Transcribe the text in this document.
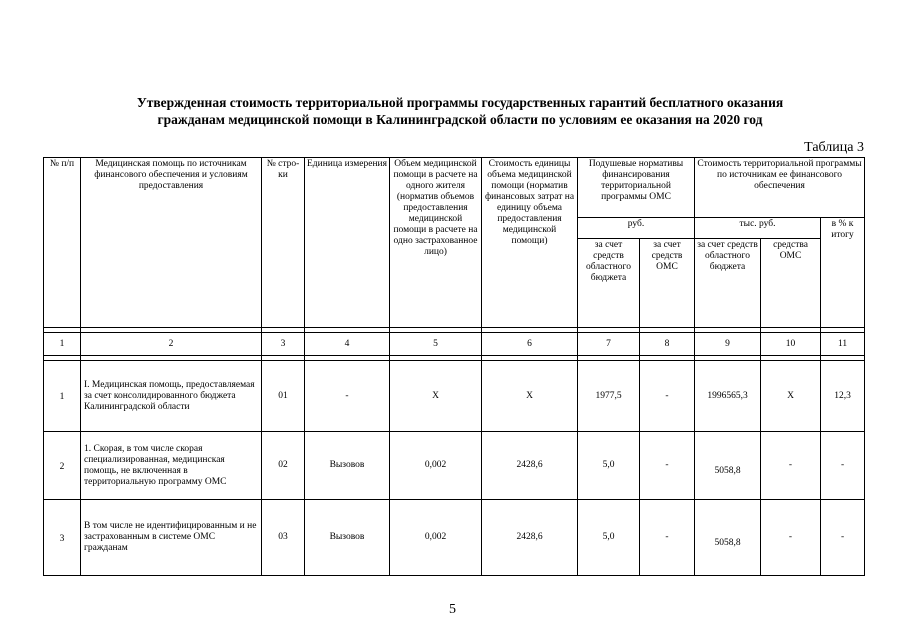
Утвержденная стоимость территориальной программы государственных гарантий бесплатного оказания
гражданам медицинской помощи в Калининградской области по условиям ее оказания на 2020 год
Таблица 3
№ п/п	Медицинская помощь по источникам финансового обеспечения и условиям предоставления	№ стро-ки	Единица измерения	Объем медицинской помощи в расчете на одного жителя (норматив объемов предоставления медицинской помощи в расчете на одно застрахованное лицо)	Стоимость единицы объема медицинской помощи (норматив финансовых затрат на единицу объема предоставления медицинской помощи)	Подушевые нормативы финансирования территориальной программы ОМС		Стоимость территориальной программы по источникам ее финансового обеспечения		
						руб.		тыс. руб.		в % к итогу
						за счет средств областного бюджета	за счет средств ОМС	за счет средств областного бюджета	средства ОМС	

1	2	3	4	5	6	7	8	9	10	11

1	I. Медицинская помощь, предоставляемая за счет консолидированного бюджета Калининградской области	01	-	X	X	1977,5	-	1996565,3	X	12,3
2	1. Скорая, в том числе скорая специализированная, медицинская помощь, не включенная в территориальную программу ОМС	02	Вызовов	0,002	2428,6	5,0	-	5058,8	-	-
3	В том числе не идентифицированным и не застрахованным в системе ОМС гражданам	03	Вызовов	0,002	2428,6	5,0	-	5058,8	-	-
5
